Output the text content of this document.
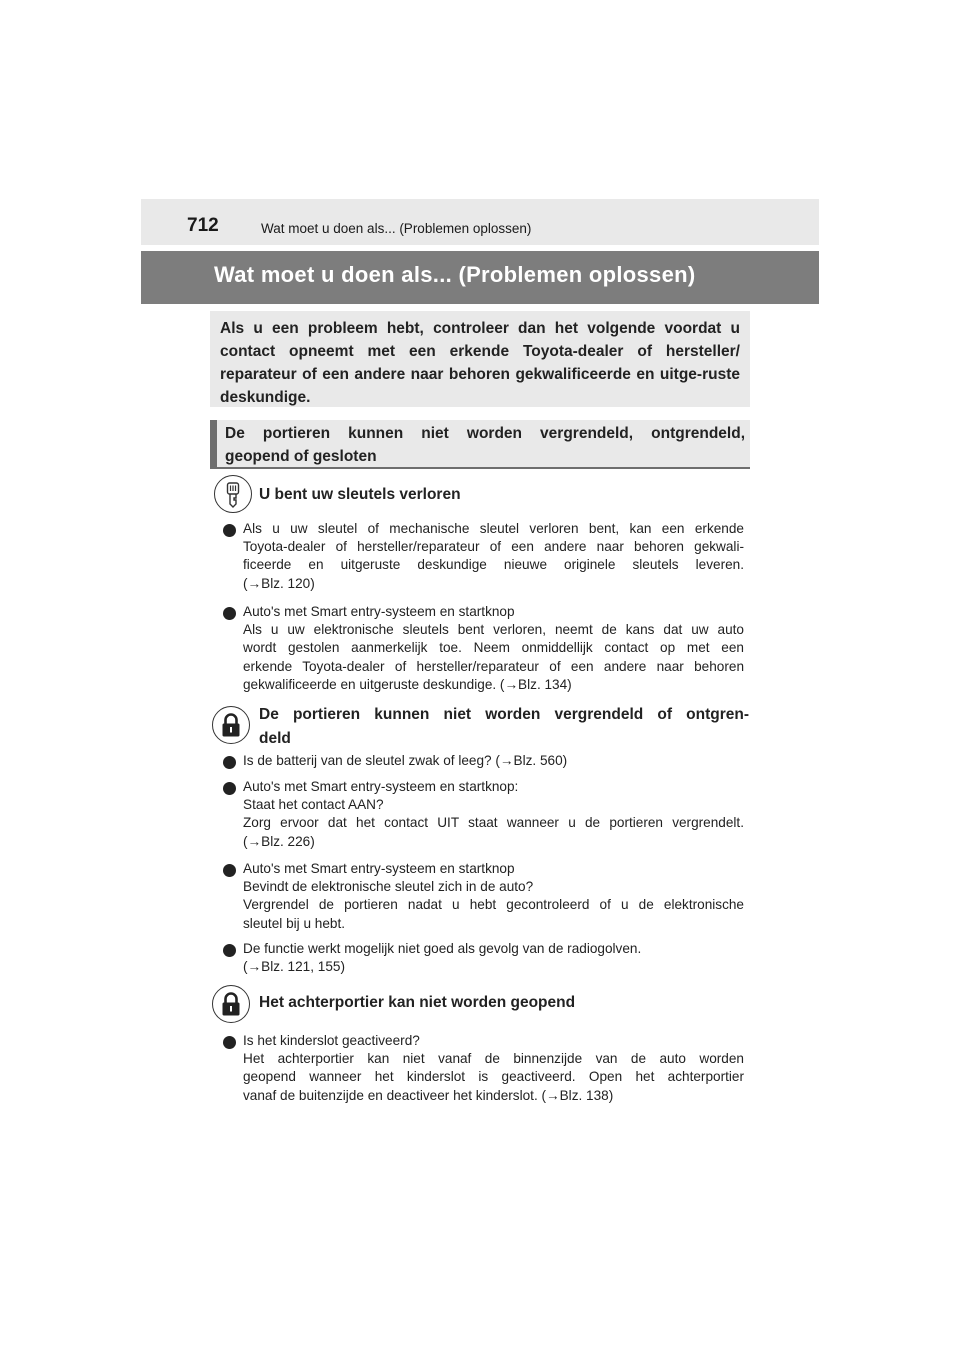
712	Wat moet u doen als... (Problemen oplossen)
Wat moet u doen als... (Problemen oplossen)
Als u een probleem hebt, controleer dan het volgende voordat u contact opneemt met een erkende Toyota-dealer of hersteller/ reparateur of een andere naar behoren gekwalificeerde en uitge-ruste deskundige.
De portieren kunnen niet worden vergrendeld, ontgrendeld,
geopend of gesloten
U bent uw sleutels verloren
Als u uw sleutel of mechanische sleutel verloren bent, kan een erkende
Toyota-dealer of hersteller/reparateur of een andere naar behoren gekwali-
ficeerde en uitgeruste deskundige nieuwe originele sleutels leveren.
(→Blz. 120)
Auto's met Smart entry-systeem en startknop
Als u uw elektronische sleutels bent verloren, neemt de kans dat uw auto
wordt gestolen aanmerkelijk toe. Neem onmiddellijk contact op met een
erkende Toyota-dealer of hersteller/reparateur of een andere naar behoren
gekwalificeerde en uitgeruste deskundige. (→Blz. 134)
De portieren kunnen niet worden vergrendeld of ontgren-
deld
Is de batterij van de sleutel zwak of leeg? (→Blz. 560)
Auto's met Smart entry-systeem en startknop:
Staat het contact AAN?
Zorg ervoor dat het contact UIT staat wanneer u de portieren vergrendelt.
(→Blz. 226)
Auto's met Smart entry-systeem en startknop
Bevindt de elektronische sleutel zich in de auto?
Vergrendel de portieren nadat u hebt gecontroleerd of u de elektronische
sleutel bij u hebt.
De functie werkt mogelijk niet goed als gevolg van de radiogolven.
(→Blz. 121, 155)
Het achterportier kan niet worden geopend
Is het kinderslot geactiveerd?
Het achterportier kan niet vanaf de binnenzijde van de auto worden
geopend wanneer het kinderslot is geactiveerd. Open het achterportier
vanaf de buitenzijde en deactiveer het kinderslot. (→Blz. 138)
